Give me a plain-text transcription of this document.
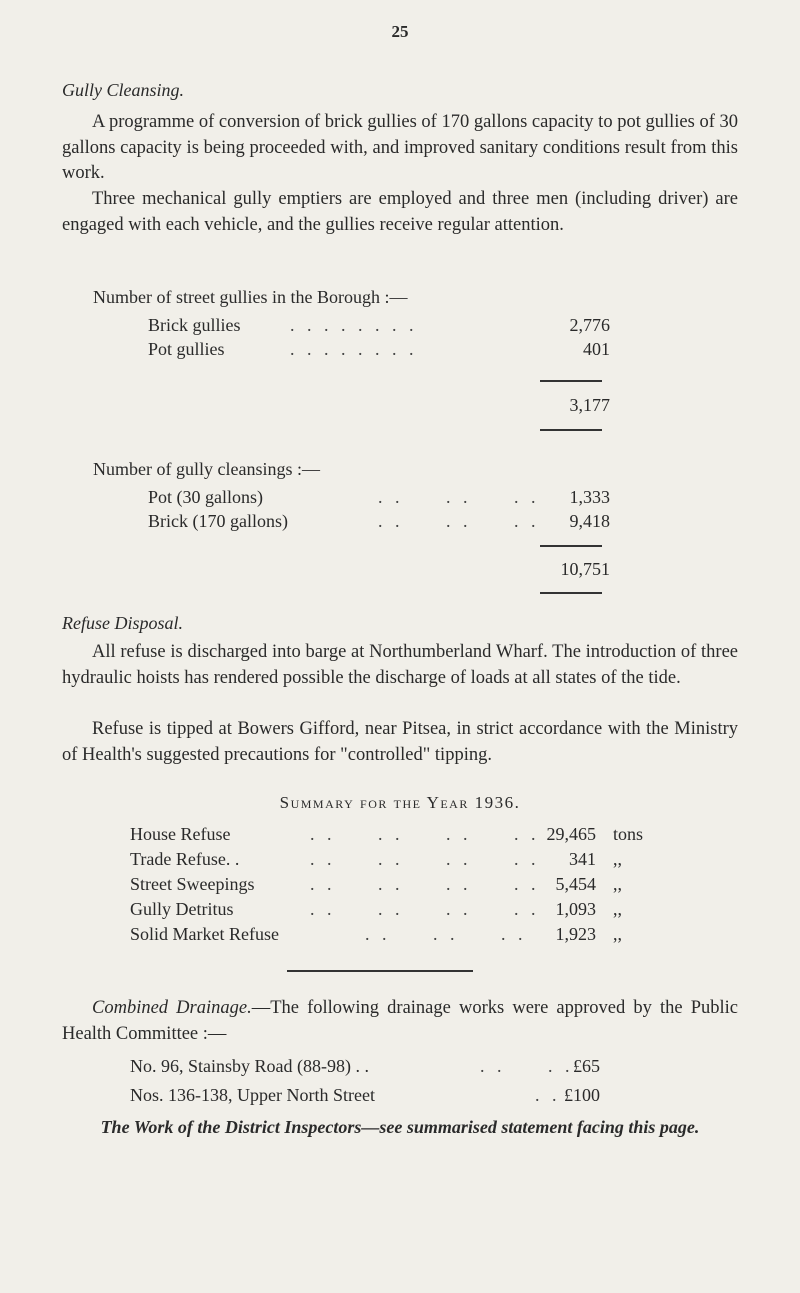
25
Gully Cleansing.

A programme of conversion of brick gullies of 170 gallons capacity to pot gullies of 30 gallons capacity is being proceeded with, and improved sanitary conditions result from this work.

Three mechanical gully emptiers are employed and three men (including driver) are engaged with each vehicle, and the gullies receive regular attention.

Number of street gullies in the Borough :—
Brick gullies	. . . . . . . .	2,776
Pot gullies	. . . . . . . .	401
3,177
Number of gully cleansings :—
Pot (30 gallons)	. .     . .     . . 1,333
Brick (170 gallons)	. .     . .     . . 9,418
10,751
Refuse Disposal.

All refuse is discharged into barge at Northumberland Wharf. The introduction of three hydraulic hoists has rendered possible the discharge of loads at all states of the tide.

Refuse is tipped at Bowers Gifford, near Pitsea, in strict accordance with the Ministry of Health's suggested precautions for "controlled" tipping.

Summary for the Year 1936.
House Refuse	. .     . .     . .     . . 29,465 tons
Trade Refuse. .	. .     . .     . .     . . 341 ,,
Street Sweepings	. .     . .     . .     . . 5,454 ,,
Gully Detritus	. .     . .     . .     . . 1,093 ,,
Solid Market Refuse	. .     . .     . . 1,923 ,,

Combined Drainage.—The following drainage works were approved by the Public Health Committee :—

No. 96, Stainsby Road (88-98) . .	. .     . . £65
Nos. 136-138, Upper North Street	. . £100
The Work of the District Inspectors—see summarised statement facing this page.
